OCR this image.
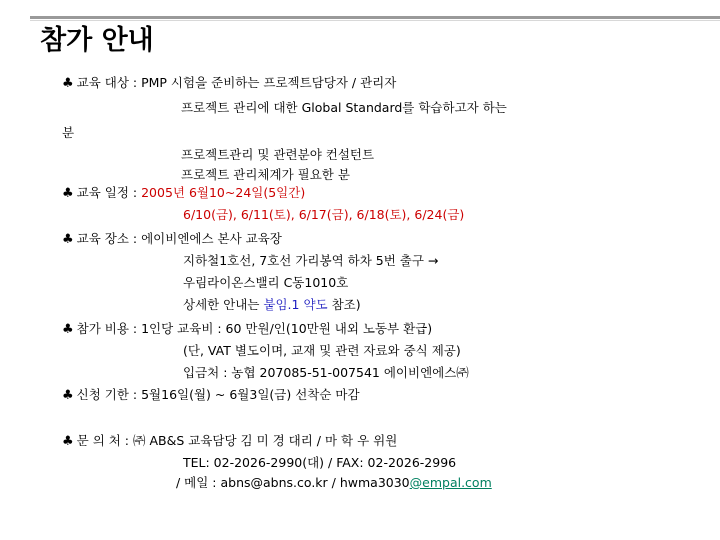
참가 안내
♣ 교육 대상 : PMP 시험을 준비하는 프로젝트담당자 / 관리자
프로젝트 관리에 대한 Global Standard를 학습하고자 하는
분
프로젝트관리 및 관련분야 컨설턴트
프로젝트 관리체계가 필요한 분
♣ 교육 일정 : 2005년 6월10~24일(5일간)
6/10(금), 6/11(토), 6/17(금), 6/18(토), 6/24(금)
♣ 교육 장소 : 에이비엔에스 본사 교육장
지하철1호선, 7호선 가리봉역 하차 5번 출구 →
우림라이온스밸리 C동1010호
상세한 안내는 붙임.1 약도 참조)
♣ 참가 비용 : 1인당 교육비 : 60 만원/인(10만원 내외 노동부 환급)
(단, VAT 별도이며, 교재 및 관련 자료와 중식 제공)
입금처 : 농협 207085-51-007541 에이비엔에스㈜
♣ 신청 기한 : 5월16일(월) ~ 6월3일(금) 선착순 마감
♣ 문 의 처 : ㈜ AB&S 교육담당 김 미 경 대리 / 마 학 우 위원
TEL: 02-2026-2990(대) / FAX: 02-2026-2996
/ 메일 : abns@abns.co.kr / hwma3030@empal.com
